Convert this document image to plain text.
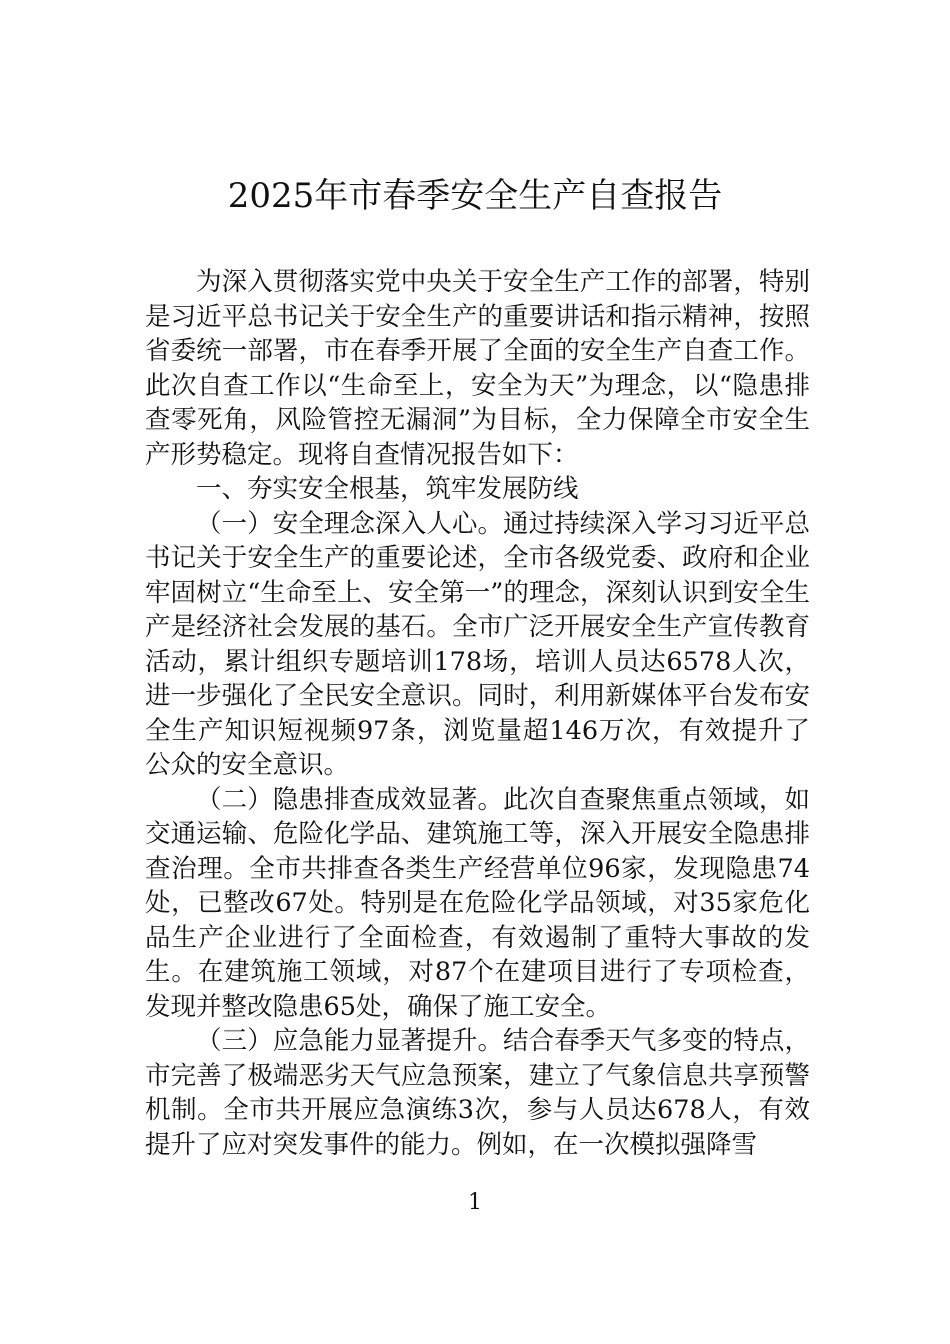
2025年市春季安全生产自查报告

为深入贯彻落实党中央关于安全生产工作的部署，特别是习近平总书记关于安全生产的重要讲话和指示精神，按照省委统一部署，市在春季开展了全面的安全生产自查工作。此次自查工作以“生命至上，安全为天”为理念，以“隐患排查零死角，风险管控无漏洞”为目标，全力保障全市安全生产形势稳定。现将自查情况报告如下：

一、夯实安全根基，筑牢发展防线

（一）安全理念深入人心。通过持续深入学习习近平总书记关于安全生产的重要论述，全市各级党委、政府和企业牢固树立“生命至上、安全第一”的理念，深刻认识到安全生产是经济社会发展的基石。全市广泛开展安全生产宣传教育活动，累计组织专题培训178场，培训人员达6578人次，进一步强化了全民安全意识。同时，利用新媒体平台发布安全生产知识短视频97条，浏览量超146万次，有效提升了公众的安全意识。

（二）隐患排查成效显著。此次自查聚焦重点领域，如交通运输、危险化学品、建筑施工等，深入开展安全隐患排查治理。全市共排查各类生产经营单位96家，发现隐患74处，已整改67处。特别是在危险化学品领域，对35家危化品生产企业进行了全面检查，有效遏制了重特大事故的发生。在建筑施工领域，对87个在建项目进行了专项检查，发现并整改隐患65处，确保了施工安全。

（三）应急能力显著提升。结合春季天气多变的特点，市完善了极端恶劣天气应急预案，建立了气象信息共享预警机制。全市共开展应急演练3次，参与人员达678人，有效提升了应对突发事件的能力。例如，在一次模拟强降雪

1
